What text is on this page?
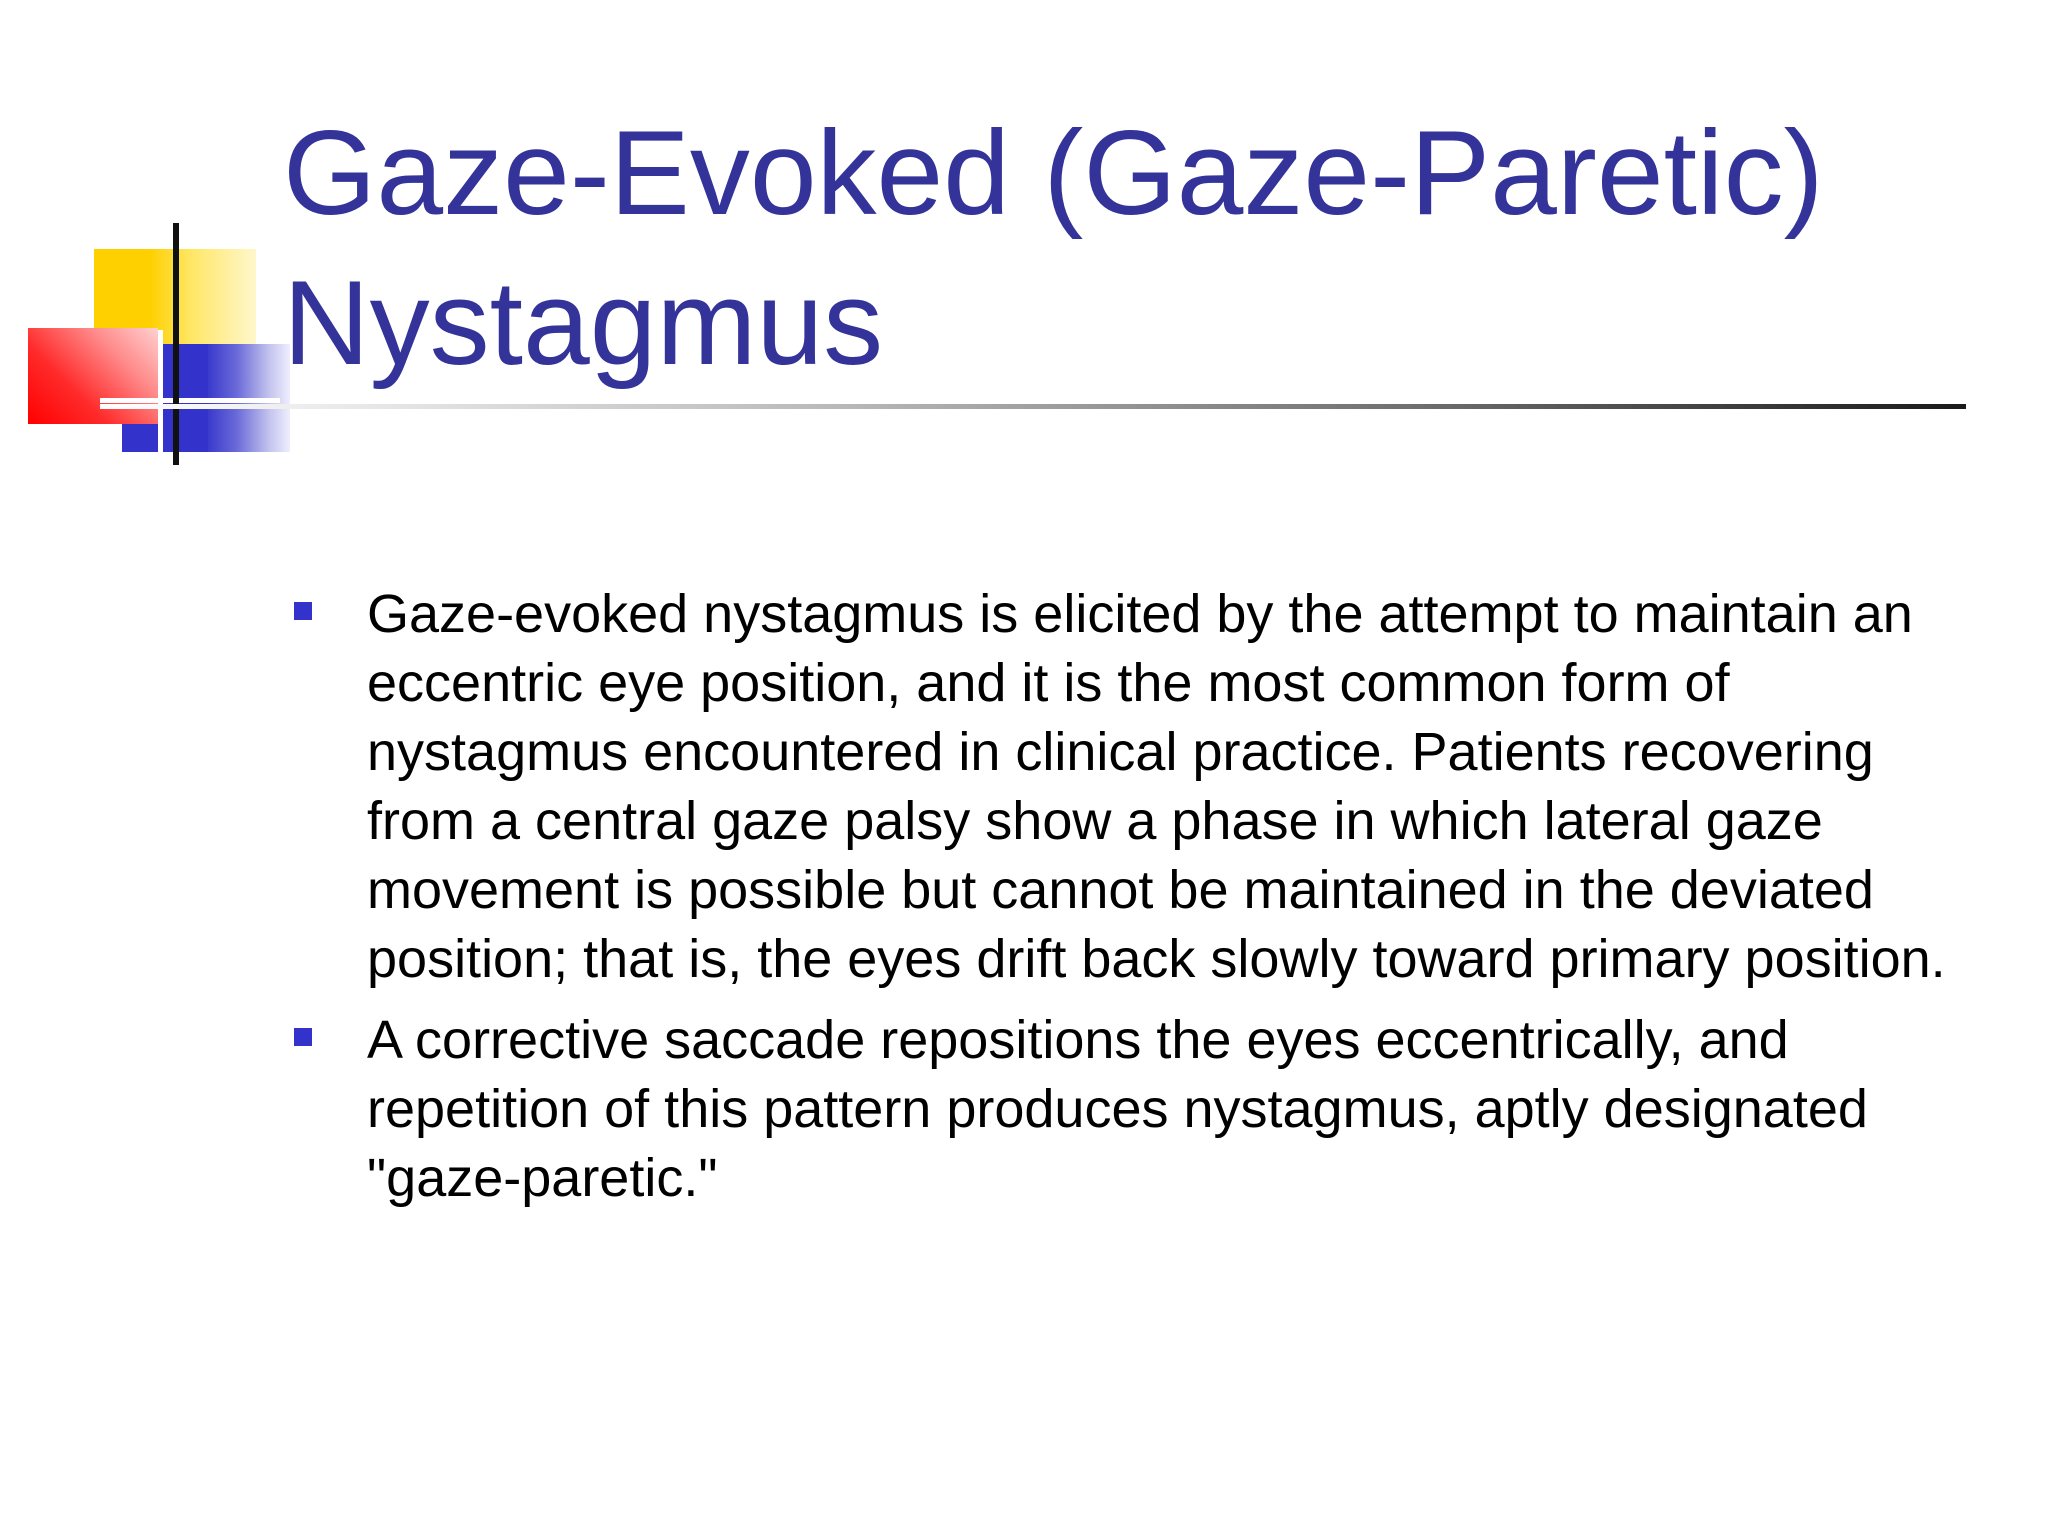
Gaze-Evoked (Gaze-Paretic)
Nystagmus
Gaze-evoked nystagmus is elicited by the attempt to maintain an eccentric eye position, and it is the most common form of nystagmus encountered in clinical practice. Patients recovering from a central gaze palsy show a phase in which lateral gaze movement is possible but cannot be maintained in the deviated position; that is, the eyes drift back slowly toward primary position.
A corrective saccade repositions the eyes eccentrically, and repetition of this pattern produces nystagmus, aptly designated "gaze-paretic."
